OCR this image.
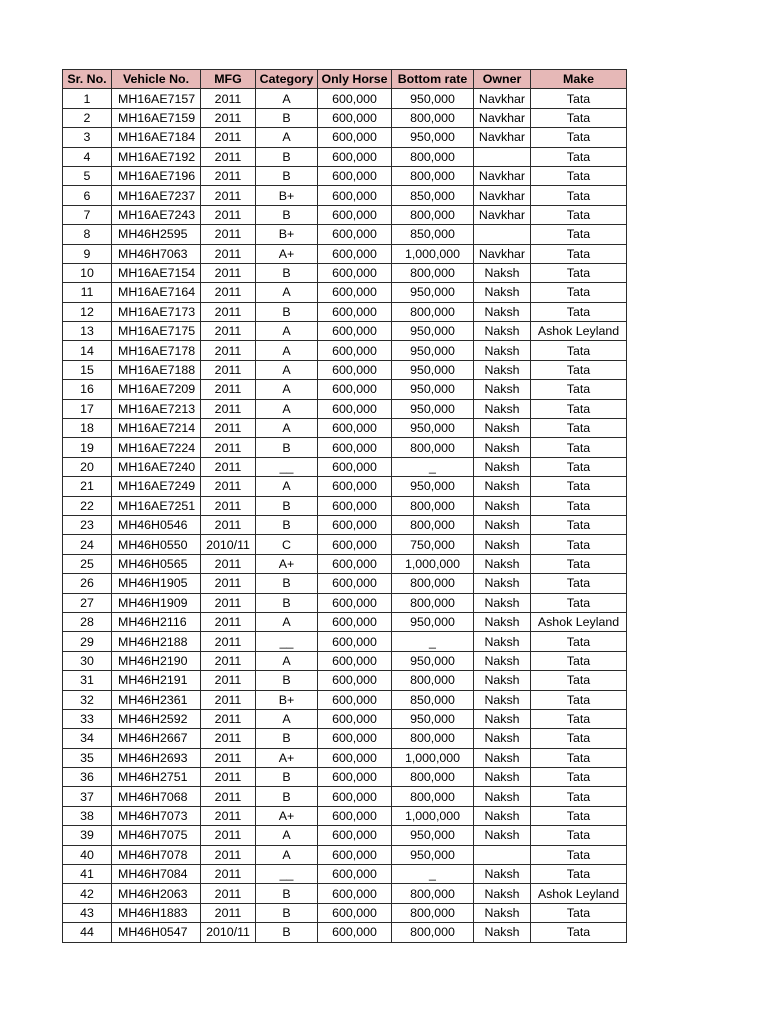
Sr. No.	Vehicle No.	MFG	Category	Only Horse	Bottom rate	Owner	Make
1	MH16AE7157	2011	A	600,000	950,000	Navkhar	Tata
2	MH16AE7159	2011	B	600,000	800,000	Navkhar	Tata
3	MH16AE7184	2011	A	600,000	950,000	Navkhar	Tata
4	MH16AE7192	2011	B	600,000	800,000		Tata
5	MH16AE7196	2011	B	600,000	800,000	Navkhar	Tata
6	MH16AE7237	2011	B+	600,000	850,000	Navkhar	Tata
7	MH16AE7243	2011	B	600,000	800,000	Navkhar	Tata
8	MH46H2595	2011	B+	600,000	850,000		Tata
9	MH46H7063	2011	A+	600,000	1,000,000	Navkhar	Tata
10	MH16AE7154	2011	B	600,000	800,000	Naksh	Tata
11	MH16AE7164	2011	A	600,000	950,000	Naksh	Tata
12	MH16AE7173	2011	B	600,000	800,000	Naksh	Tata
13	MH16AE7175	2011	A	600,000	950,000	Naksh	Ashok Leyland
14	MH16AE7178	2011	A	600,000	950,000	Naksh	Tata
15	MH16AE7188	2011	A	600,000	950,000	Naksh	Tata
16	MH16AE7209	2011	A	600,000	950,000	Naksh	Tata
17	MH16AE7213	2011	A	600,000	950,000	Naksh	Tata
18	MH16AE7214	2011	A	600,000	950,000	Naksh	Tata
19	MH16AE7224	2011	B	600,000	800,000	Naksh	Tata
20	MH16AE7240	2011	__	600,000	_	Naksh	Tata
21	MH16AE7249	2011	A	600,000	950,000	Naksh	Tata
22	MH16AE7251	2011	B	600,000	800,000	Naksh	Tata
23	MH46H0546	2011	B	600,000	800,000	Naksh	Tata
24	MH46H0550	2010/11	C	600,000	750,000	Naksh	Tata
25	MH46H0565	2011	A+	600,000	1,000,000	Naksh	Tata
26	MH46H1905	2011	B	600,000	800,000	Naksh	Tata
27	MH46H1909	2011	B	600,000	800,000	Naksh	Tata
28	MH46H2116	2011	A	600,000	950,000	Naksh	Ashok Leyland
29	MH46H2188	2011	__	600,000	_	Naksh	Tata
30	MH46H2190	2011	A	600,000	950,000	Naksh	Tata
31	MH46H2191	2011	B	600,000	800,000	Naksh	Tata
32	MH46H2361	2011	B+	600,000	850,000	Naksh	Tata
33	MH46H2592	2011	A	600,000	950,000	Naksh	Tata
34	MH46H2667	2011	B	600,000	800,000	Naksh	Tata
35	MH46H2693	2011	A+	600,000	1,000,000	Naksh	Tata
36	MH46H2751	2011	B	600,000	800,000	Naksh	Tata
37	MH46H7068	2011	B	600,000	800,000	Naksh	Tata
38	MH46H7073	2011	A+	600,000	1,000,000	Naksh	Tata
39	MH46H7075	2011	A	600,000	950,000	Naksh	Tata
40	MH46H7078	2011	A	600,000	950,000		Tata
41	MH46H7084	2011	__	600,000	_	Naksh	Tata
42	MH46H2063	2011	B	600,000	800,000	Naksh	Ashok Leyland
43	MH46H1883	2011	B	600,000	800,000	Naksh	Tata
44	MH46H0547	2010/11	B	600,000	800,000	Naksh	Tata
